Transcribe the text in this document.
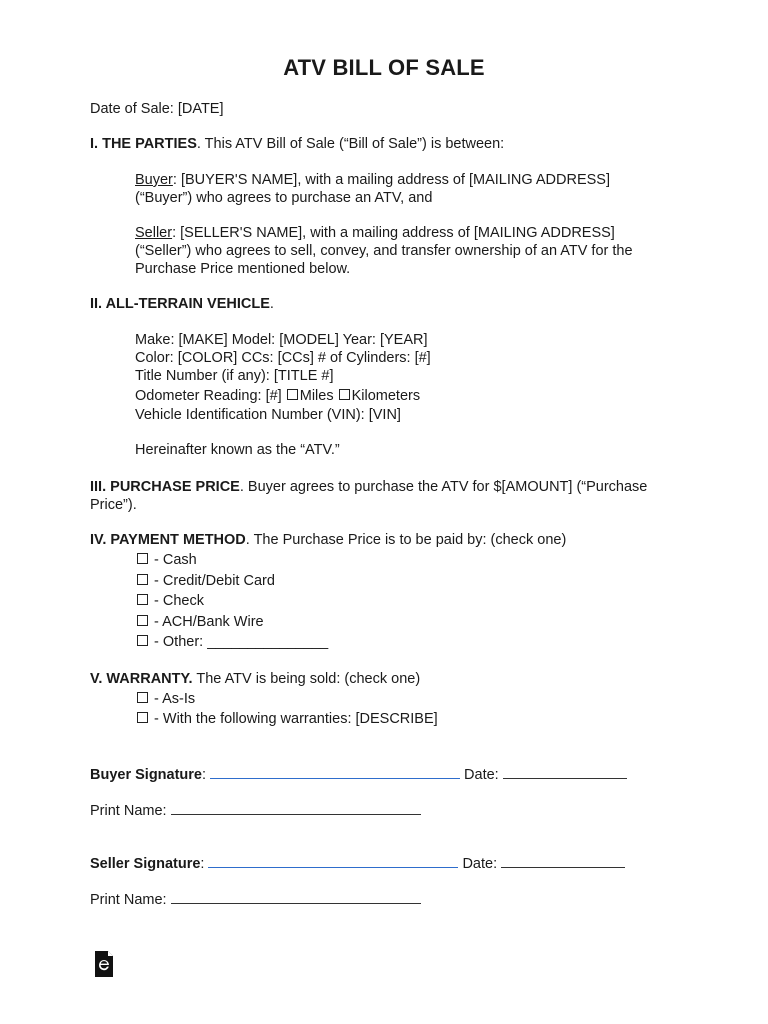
ATV BILL OF SALE
Date of Sale: [DATE]
I. THE PARTIES. This ATV Bill of Sale (“Bill of Sale”) is between:
Buyer: [BUYER'S NAME], with a mailing address of [MAILING ADDRESS]
(“Buyer”) who agrees to purchase an ATV, and
Seller: [SELLER'S NAME], with a mailing address of [MAILING ADDRESS]
(“Seller”) who agrees to sell, convey, and transfer ownership of an ATV for the
Purchase Price mentioned below.
II. ALL-TERRAIN VEHICLE.
Make: [MAKE] Model: [MODEL] Year: [YEAR]
Color: [COLOR] CCs: [CCs] # of Cylinders: [#]
Title Number (if any): [TITLE #]
Odometer Reading: [#] Miles Kilometers
Vehicle Identification Number (VIN): [VIN]
Hereinafter known as the “ATV.”
III. PURCHASE PRICE. Buyer agrees to purchase the ATV for $[AMOUNT] (“Purchase
Price”).
IV. PAYMENT METHOD. The Purchase Price is to be paid by: (check one)
- Cash
- Credit/Debit Card
- Check
- ACH/Bank Wire
- Other: _______________
V. WARRANTY. The ATV is being sold: (check one)
- As-Is
- With the following warranties: [DESCRIBE]
Buyer Signature:	Date:
Print Name:
Seller Signature:	Date:
Print Name:
